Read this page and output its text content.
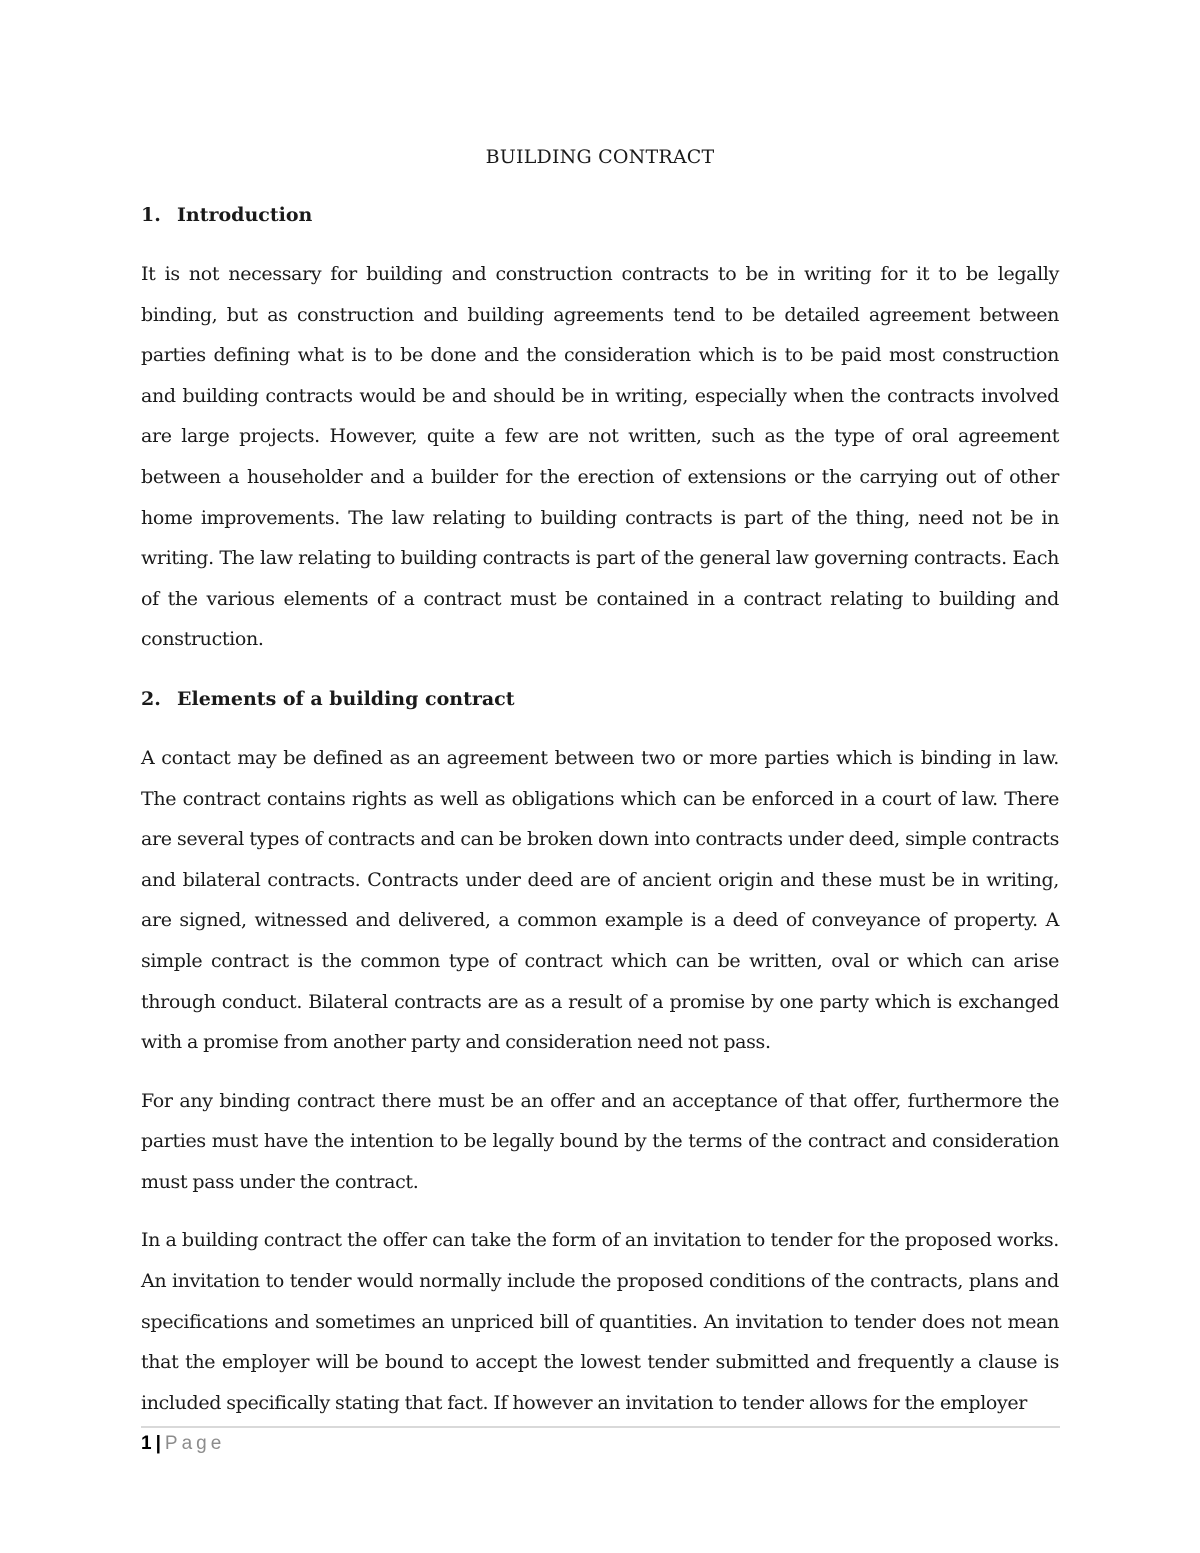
BUILDING CONTRACT
1. Introduction

It is not necessary for building and construction contracts to be in writing for it to be legally binding, but as construction and building agreements tend to be detailed agreement between parties defining what is to be done and the consideration which is to be paid most construction and building contracts would be and should be in writing, especially when the contracts involved are large projects. However, quite a few are not written, such as the type of oral agreement between a householder and a builder for the erection of extensions or the carrying out of other home improvements. The law relating to building contracts is part of the thing, need not be in writing. The law relating to building contracts is part of the general law governing contracts. Each of the various elements of a contract must be contained in a contract relating to building and construction.

2. Elements of a building contract

A contact may be defined as an agreement between two or more parties which is binding in law. The contract contains rights as well as obligations which can be enforced in a court of law. There are several types of contracts and can be broken down into contracts under deed, simple contracts and bilateral contracts. Contracts under deed are of ancient origin and these must be in writing, are signed, witnessed and delivered, a common example is a deed of conveyance of property. A simple contract is the common type of contract which can be written, oval or which can arise through conduct. Bilateral contracts are as a result of a promise by one party which is exchanged with a promise from another party and consideration need not pass.

For any binding contract there must be an offer and an acceptance of that offer, furthermore the parties must have the intention to be legally bound by the terms of the contract and consideration must pass under the contract.

In a building contract the offer can take the form of an invitation to tender for the proposed works. An invitation to tender would normally include the proposed conditions of the contracts, plans and specifications and sometimes an unpriced bill of quantities. An invitation to tender does not mean that the employer will be bound to accept the lowest tender submitted and frequently a clause is included specifically stating that fact. If however an invitation to tender allows for the employer

1 | Page
